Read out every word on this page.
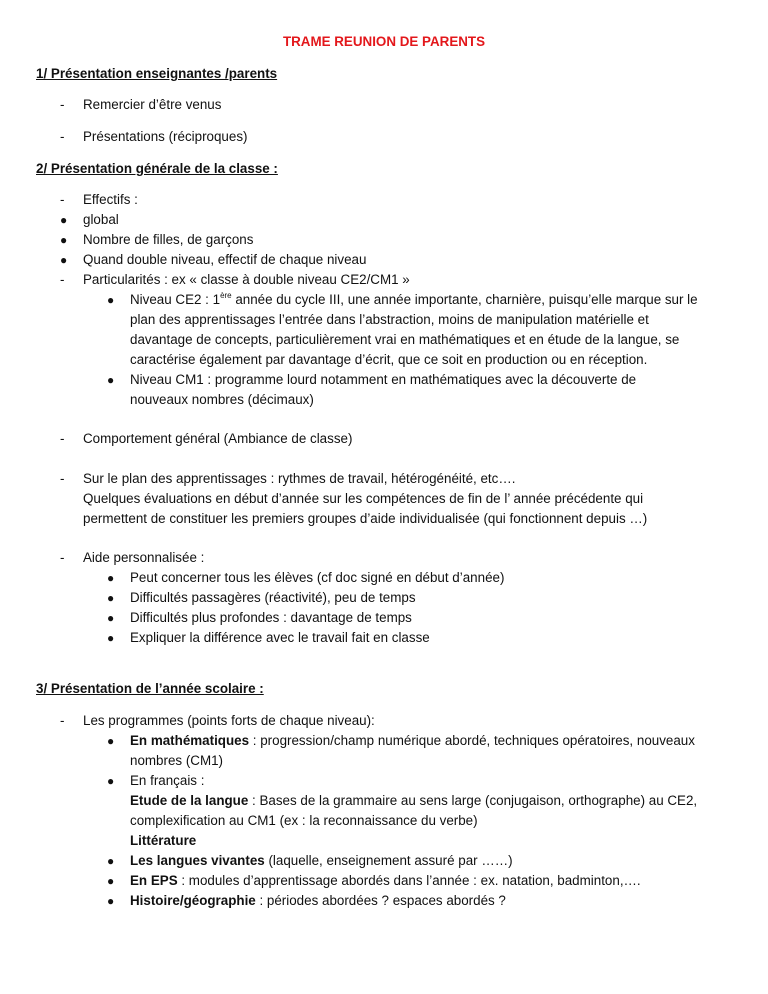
TRAME REUNION DE PARENTS
1/ Présentation enseignantes /parents
-	Remercier d’être venus
-	Présentations (réciproques)
2/ Présentation générale de la classe :
-	Effectifs :
● global
● Nombre de filles, de garçons
● Quand double niveau, effectif de chaque niveau
-	Particularités : ex « classe à double niveau CE2/CM1 »
● Niveau CE2 : 1ère année du cycle III, une année importante, charnière, puisqu’elle marque sur le
plan des apprentissages l’entrée dans l’abstraction, moins de manipulation matérielle et
davantage de concepts, particulièrement vrai en mathématiques et en étude de la langue, se
caractérise également par davantage d’écrit, que ce soit en production ou en réception.
● Niveau CM1 : programme lourd notamment en mathématiques avec la découverte de
nouveaux nombres (décimaux)
-	Comportement général (Ambiance de classe)
-	Sur le plan des apprentissages : rythmes de travail, hétérogénéité, etc….
Quelques évaluations en début d’année sur les compétences de fin de l’ année précédente qui
permettent de constituer les premiers groupes d’aide individualisée (qui fonctionnent depuis …)
-	Aide personnalisée :
● Peut concerner tous les élèves (cf doc signé en début d’année)
● Difficultés passagères (réactivité), peu de temps
● Difficultés plus profondes : davantage de temps
● Expliquer la différence avec le travail fait en classe
3/ Présentation de l’année scolaire :
-	Les programmes (points forts de chaque niveau):
● En mathématiques : progression/champ numérique abordé, techniques opératoires, nouveaux
nombres (CM1)
● En français :
Etude de la langue : Bases de la grammaire au sens large (conjugaison, orthographe) au CE2,
complexification au CM1 (ex : la reconnaissance du verbe)
Littérature
● Les langues vivantes (laquelle, enseignement assuré par ……)
● En EPS : modules d’apprentissage abordés dans l’année : ex. natation, badminton,….
● Histoire/géographie : périodes abordées ? espaces abordés ?
